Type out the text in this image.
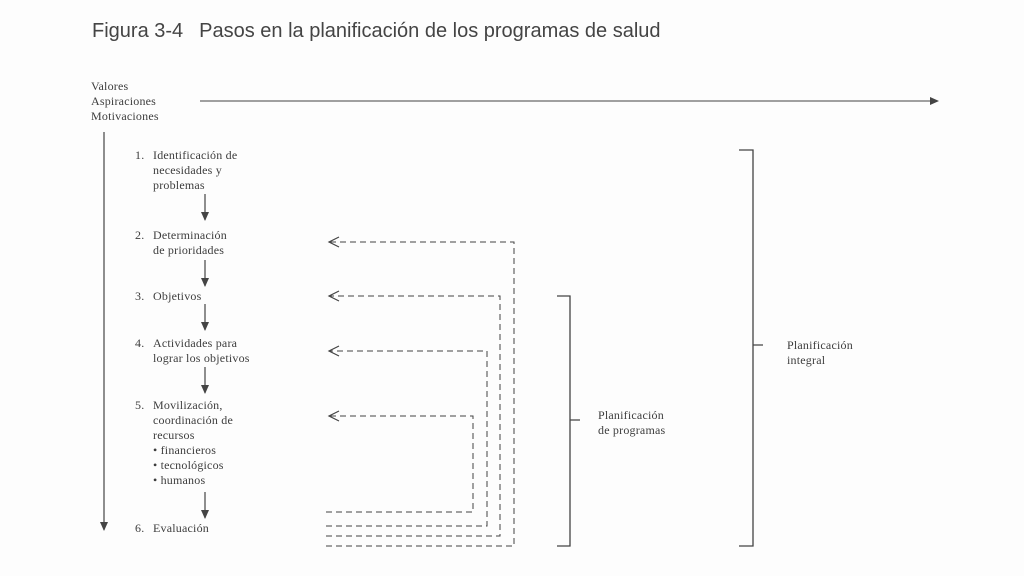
Figura 3-4 Pasos en la planificación de los programas de salud
Valores
Aspiraciones
Motivaciones
1. Identificación de
necesidades y
problemas
2. Determinación
de prioridades
3. Objetivos
4. Actividades para
lograr los objetivos
5. Movilización,
coordinación de
recursos
• financieros
• tecnológicos
• humanos
6. Evaluación
Planificación
de programas
Planificación
integral
